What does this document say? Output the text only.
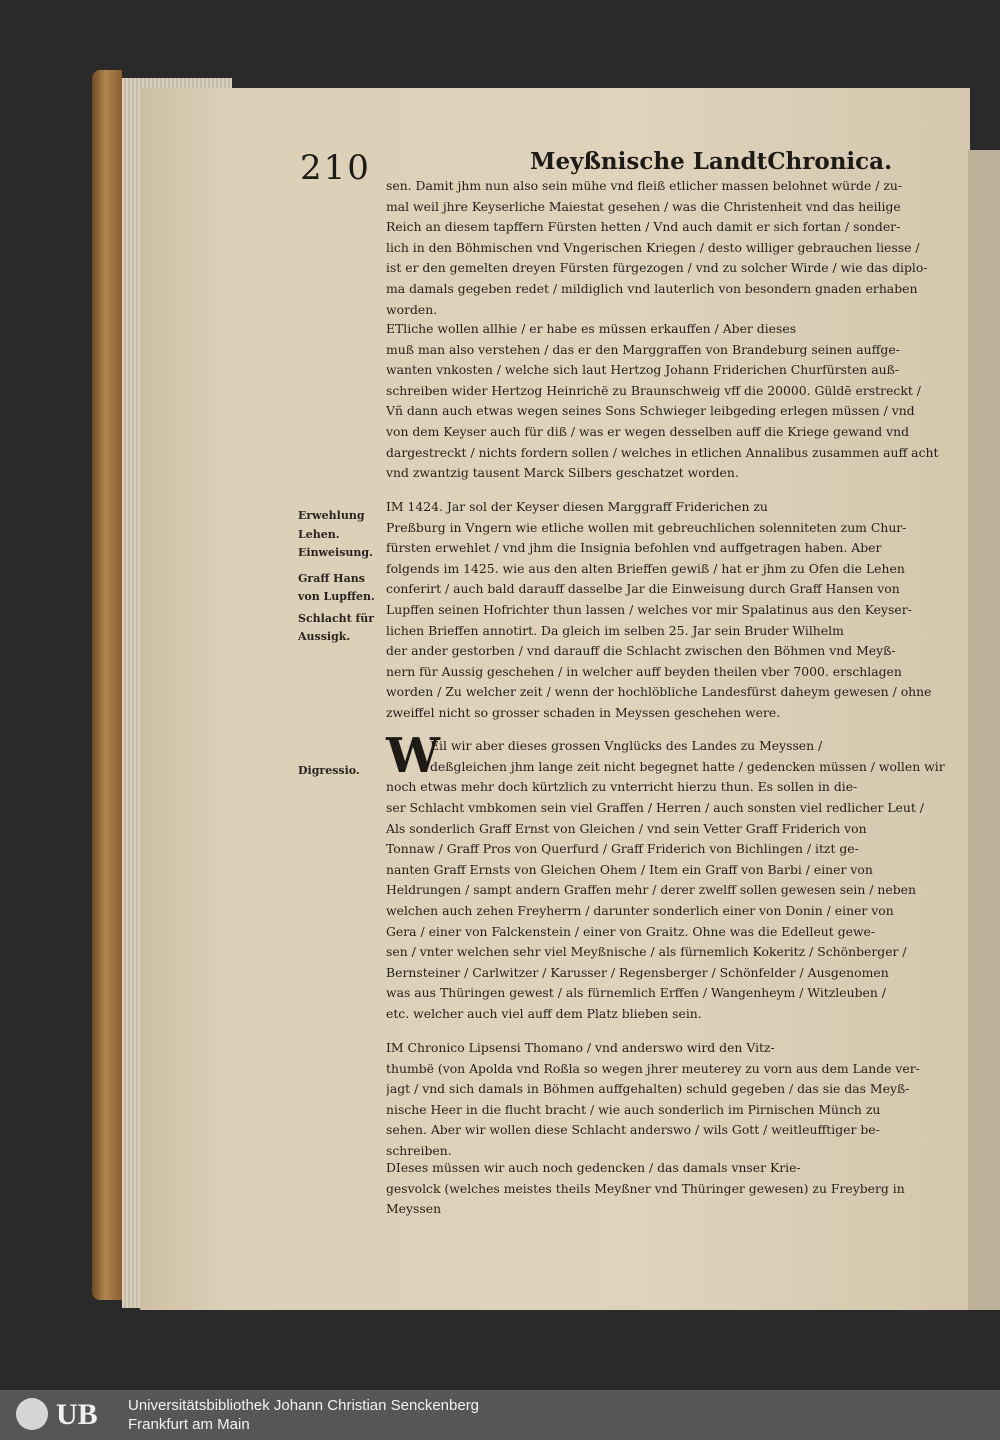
210	Meyßnische LandtChronica.
Erwehlung
Lehen.
Einweisung.
Graff Hans
von Lupffen.
Schlacht für
Aussigk.
Digressio. W

sen. Damit jhm nun also sein mühe vnd fleiß etlicher massen belohnet würde / zu-

mal weil jhre Keyserliche Maiestat gesehen / was die Christenheit vnd das heilige

Reich an diesem tapffern Fürsten hetten / Vnd auch damit er sich fortan / sonder-

lich in den Böhmischen vnd Vngerischen Kriegen / desto williger gebrauchen liesse /

ist er den gemelten dreyen Fürsten fürgezogen / vnd zu solcher Wirde / wie das diplo-

ma damals gegeben redet / mildiglich vnd lauterlich von besondern gnaden erhaben

worden.

ETliche wollen allhie / er habe es müssen erkauffen / Aber dieses

muß man also verstehen / das er den Marggraffen von Brandeburg seinen auffge-

wanten vnkosten / welche sich laut Hertzog Johann Friderichen Churfürsten auß-

schreiben wider Hertzog Heinrichë zu Braunschweig vff die 20000. Güldē erstreckt /

Vñ dann auch etwas wegen seines Sons Schwieger leibgeding erlegen müssen / vnd

von dem Keyser auch für diß / was er wegen desselben auff die Kriege gewand vnd

dargestreckt / nichts fordern sollen / welches in etlichen Annalibus zusammen auff acht

vnd zwantzig tausent Marck Silbers geschatzet worden.

IM 1424. Jar sol der Keyser diesen Marggraff Friderichen zu

Preßburg in Vngern wie etliche wollen mit gebreuchlichen solenniteten zum Chur-

fürsten erwehlet / vnd jhm die Insignia befohlen vnd auffgetragen haben. Aber

folgends im 1425. wie aus den alten Brieffen gewiß / hat er jhm zu Ofen die Lehen

conferirt / auch bald darauff dasselbe Jar die Einweisung durch Graff Hansen von

Lupffen seinen Hofrichter thun lassen / welches vor mir Spalatinus aus den Keyser-

lichen Brieffen annotirt. Da gleich im selben 25. Jar sein Bruder Wilhelm

der ander gestorben / vnd darauff die Schlacht zwischen den Böhmen vnd Meyß-

nern für Aussig geschehen / in welcher auff beyden theilen vber 7000. erschlagen

worden / Zu welcher zeit / wenn der hochlöbliche Landesfürst daheym gewesen / ohne

zweiffel nicht so grosser schaden in Meyssen geschehen were.

Eil wir aber dieses grossen Vnglücks des Landes zu Meyssen /

deßgleichen jhm lange zeit nicht begegnet hatte / gedencken müssen / wollen wir

noch etwas mehr doch kürtzlich zu vnterricht hierzu thun. Es sollen in die-

ser Schlacht vmbkomen sein viel Graffen / Herren / auch sonsten viel redlicher Leut /

Als sonderlich Graff Ernst von Gleichen / vnd sein Vetter Graff Friderich von

Tonnaw / Graff Pros von Querfurd / Graff Friderich von Bichlingen / itzt ge-

nanten Graff Ernsts von Gleichen Ohem / Item ein Graff von Barbi / einer von

Heldrungen / sampt andern Graffen mehr / derer zwelff sollen gewesen sein / neben

welchen auch zehen Freyherrn / darunter sonderlich einer von Donin / einer von

Gera / einer von Falckenstein / einer von Graitz. Ohne was die Edelleut gewe-

sen / vnter welchen sehr viel Meyßnische / als fürnemlich Kokeritz / Schönberger /

Bernsteiner / Carlwitzer / Karusser / Regensberger / Schönfelder / Ausgenomen

was aus Thüringen gewest / als fürnemlich Erffen / Wangenheym / Witzleuben /

etc. welcher auch viel auff dem Platz blieben sein.

IM Chronico Lipsensi Thomano / vnd anderswo wird den Vitz-

thumbë (von Apolda vnd Roßla so wegen jhrer meuterey zu vorn aus dem Lande ver-

jagt / vnd sich damals in Böhmen auffgehalten) schuld gegeben / das sie das Meyß-

nische Heer in die flucht bracht / wie auch sonderlich im Pirnischen Münch zu

sehen. Aber wir wollen diese Schlacht anderswo / wils Gott / weitleufftiger be-

schreiben.

DIeses müssen wir auch noch gedencken / das damals vnser Krie-

gesvolck (welches meistes theils Meyßner vnd Thüringer gewesen) zu Freyberg in

Meyssen

UB Universitätsbibliothek Johann Christian Senckenberg
Frankfurt am Main
